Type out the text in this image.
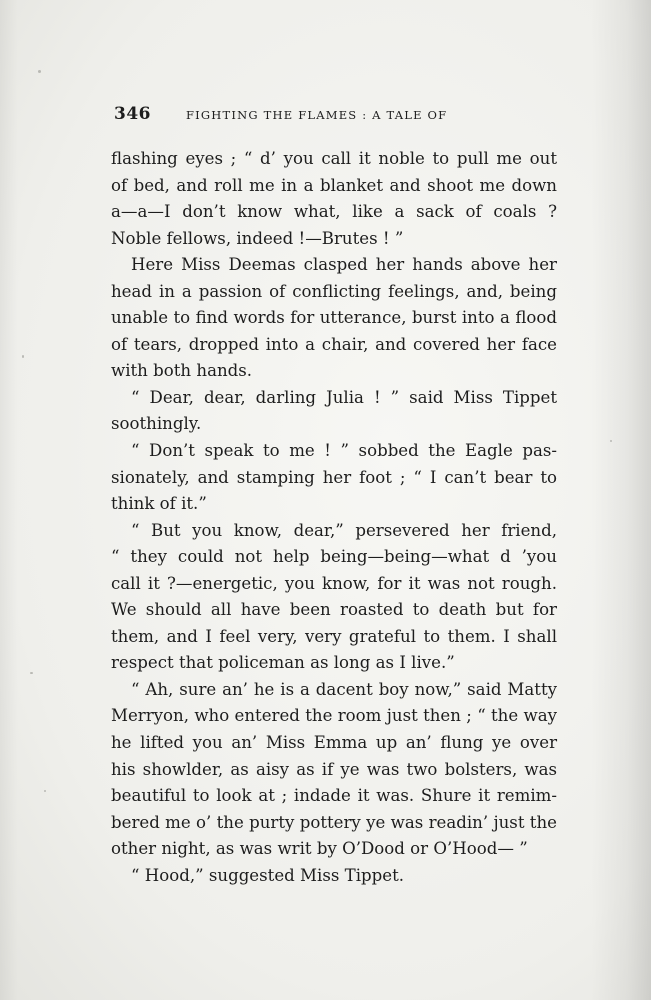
346	FIGHTING THE FLAMES : A TALE OF
flashing eyes ; “ d’ you call it noble to pull me out
of bed, and roll me in a blanket and shoot me down
a—a—I don’t know what, like a sack of coals ?
Noble fellows, indeed !—Brutes ! ”
Here Miss Deemas clasped her hands above her
head in a passion of conflicting feelings, and, being
unable to find words for utterance, burst into a flood
of tears, dropped into a chair, and covered her face
with both hands.
“ Dear, dear, darling Julia ! ” said Miss Tippet
soothingly.
“ Don’t speak to me ! ” sobbed the Eagle pas-
sionately, and stamping her foot ; “ I can’t bear to
think of it.”
“ But you know, dear,” persevered her friend,
“ they could not help being—being—what d ’you
call it ?—energetic, you know, for it was not rough.
We should all have been roasted to death but for
them, and I feel very, very grateful to them. I shall
respect that policeman as long as I live.”
“ Ah, sure an’ he is a dacent boy now,” said Matty
Merryon, who entered the room just then ; “ the way
he lifted you an’ Miss Emma up an’ flung ye over
his showlder, as aisy as if ye was two bolsters, was
beautiful to look at ; indade it was. Shure it remim-
bered me o’ the purty pottery ye was readin’ just the
other night, as was writ by O’Dood or O’Hood— ”
“ Hood,” suggested Miss Tippet.
